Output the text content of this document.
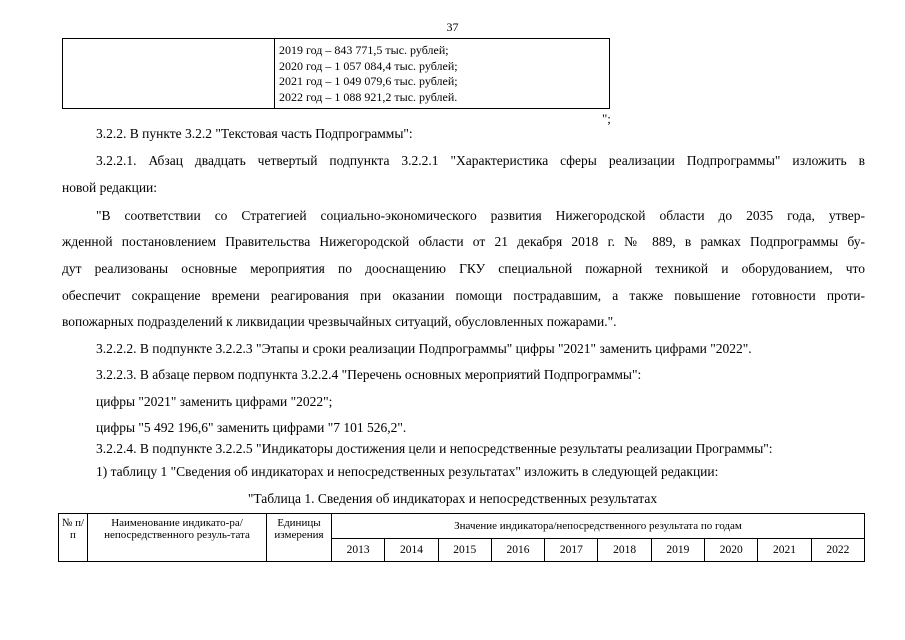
37

2019 год – 843 771,5 тыс. рублей;
2020 год – 1 057 084,4 тыс. рублей;
2021 год – 1 049 079,6 тыс. рублей;
2022 год – 1 088 921,2 тыс. рублей.
";
3.2.2. В пункте 3.2.2 "Текстовая часть Подпрограммы":
3.2.2.1. Абзац двадцать четвертый подпункта 3.2.2.1 "Характеристика сферы реализации Подпрограммы" изложить в
новой редакции:
"В соответствии со Стратегией социально-экономического развития Нижегородской области до 2035 года, утвер-
жденной постановлением Правительства Нижегородской области от 21 декабря 2018 г. № 889, в рамках Подпрограммы бу-
дут реализованы основные мероприятия по дооснащению ГКУ специальной пожарной техникой и оборудованием, что
обеспечит сокращение времени реагирования при оказании помощи пострадавшим, а также повышение готовности проти-
вопожарных подразделений к ликвидации чрезвычайных ситуаций, обусловленных пожарами.".
3.2.2.2. В подпункте 3.2.2.3 "Этапы и сроки реализации Подпрограммы" цифры "2021" заменить цифрами "2022".
3.2.2.3. В абзаце первом подпункта 3.2.2.4 "Перечень основных мероприятий Подпрограммы":
цифры "2021" заменить цифрами "2022";
цифры "5 492 196,6" заменить цифрами "7 101 526,2".
3.2.2.4. В подпункте 3.2.2.5 "Индикаторы достижения цели и непосредственные результаты реализации Программы":
1) таблицу 1 "Сведения об индикаторах и непосредственных результатах" изложить в следующей редакции:
"Таблица 1. Сведения об индикаторах и непосредственных результатах
№ п/п	Наименование индикато-ра/непосредственного резуль-тата	Единицы измерения	Значение индикатора/непосредственного результата по годам									
			2013	2014	2015	2016	2017	2018	2019	2020	2021	2022
